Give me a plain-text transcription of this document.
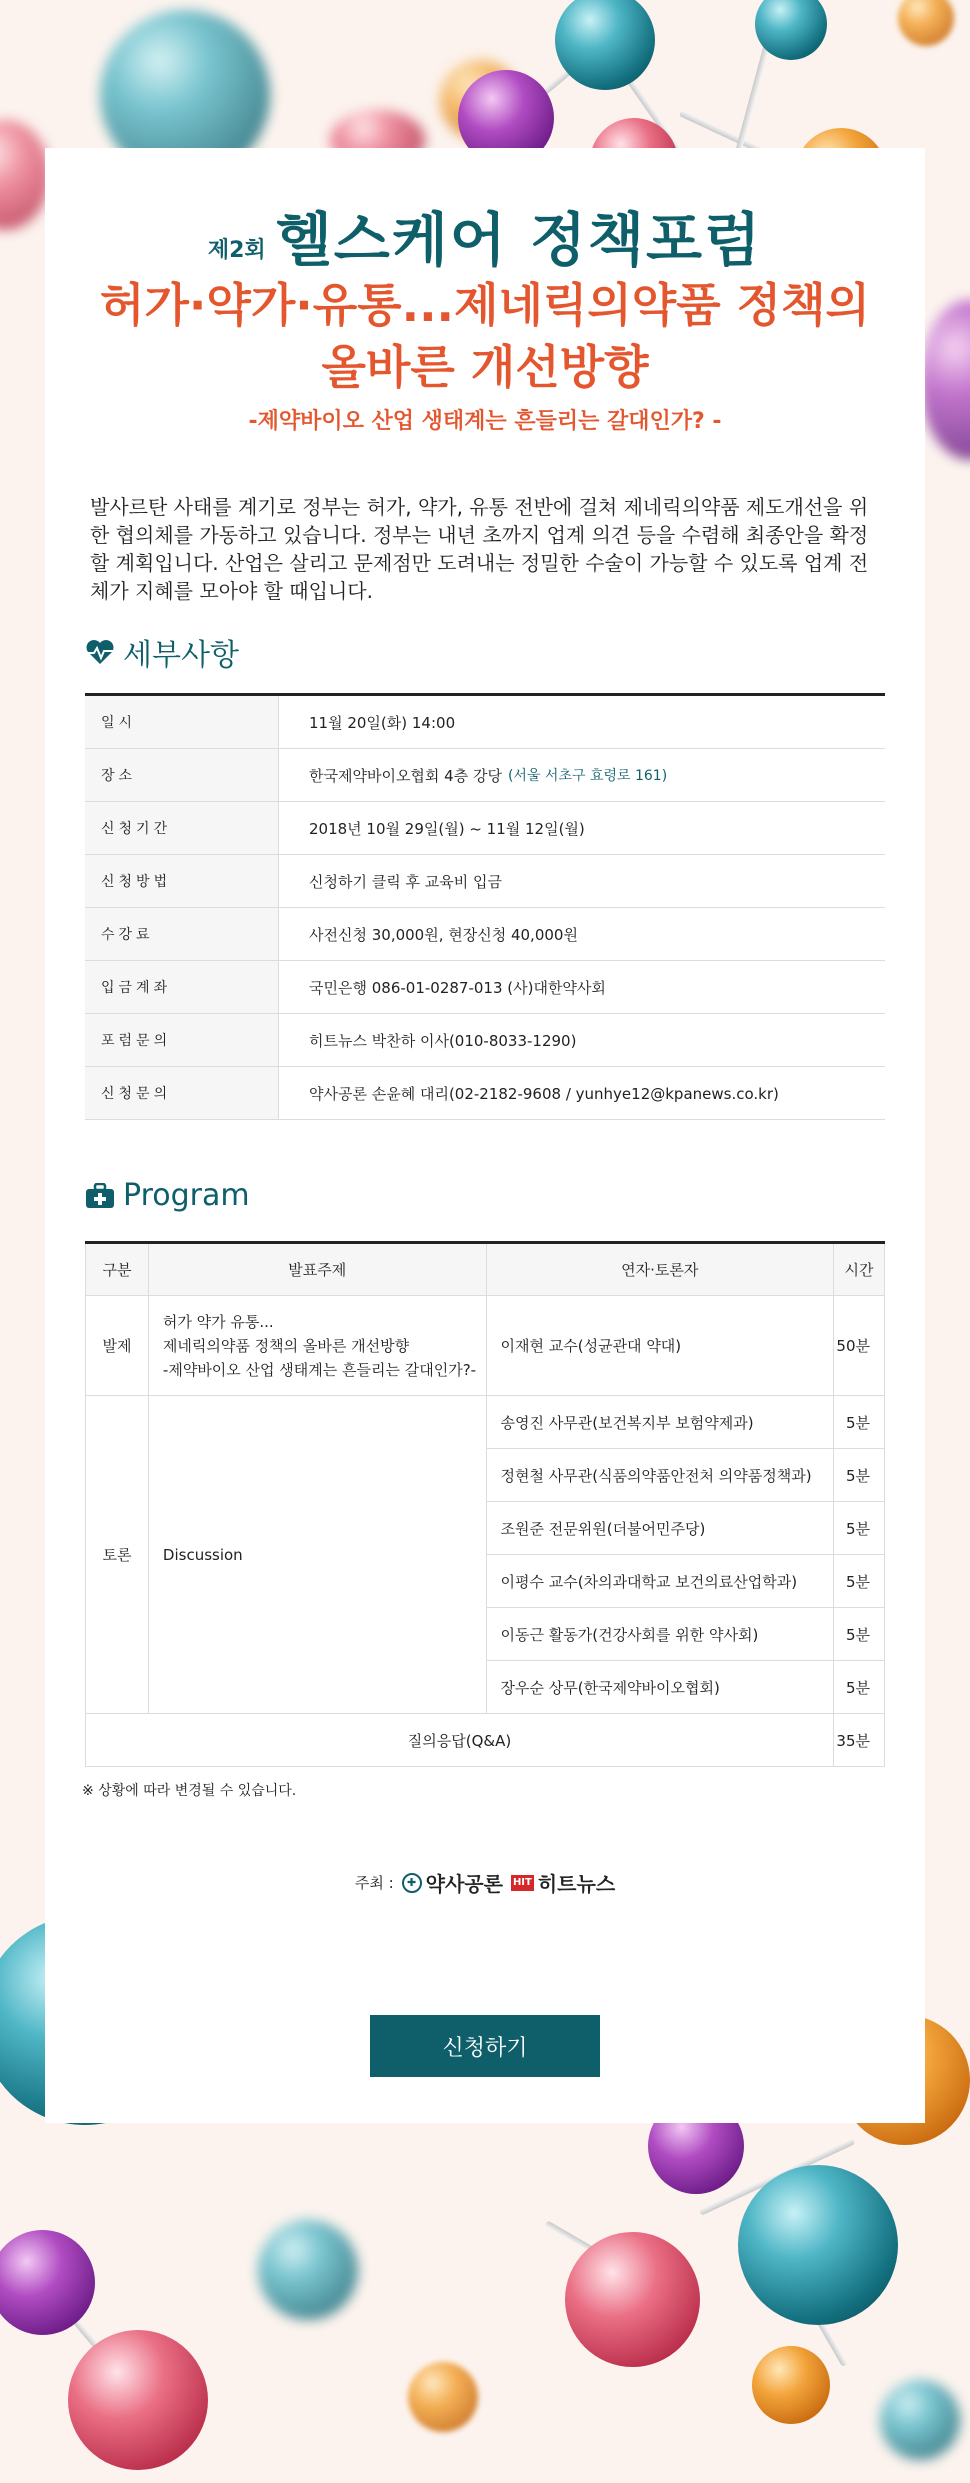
제2회 헬스케어 정책포럼
허가·약가·유통...제네릭의약품 정책의
올바른 개선방향
-제약바이오 산업 생태계는 흔들리는 갈대인가? -

발사르탄 사태를 계기로 정부는 허가, 약가, 유통 전반에 걸쳐 제네릭의약품 제도개선을 위한 협의체를 가동하고 있습니다. 정부는 내년 초까지 업계 의견 등을 수렴해 최종안을 확정할 계획입니다. 산업은 살리고 문제점만 도려내는 정밀한 수술이 가능할 수 있도록 업계 전체가 지혜를 모아야 할 때입니다.

세부사항
일시	11월 20일(화) 14:00
장소	한국제약바이오협회 4층 강당 (서울 서초구 효령로 161)
신청기간	2018년 10월 29일(월) ~ 11월 12일(월)
신청방법	신청하기 클릭 후 교육비 입금
수강료	사전신청 30,000원, 현장신청 40,000원
입금계좌	국민은행 086-01-0287-013 (사)대한약사회
포럼문의	히트뉴스 박찬하 이사(010-8033-1290)
신청문의	약사공론 손윤혜 대리(02-2182-9608 / yunhye12@kpanews.co.kr)
Program
구분	발표주제	연자·토론자	시간
발제	허가 약가 유통...
제네릭의약품 정책의 올바른 개선방향
-제약바이오 산업 생태계는 흔들리는 갈대인가?-	이재현 교수(성균관대 약대)	50분
토론	Discussion	송영진 사무관(보건복지부 보험약제과)	5분
		정현철 사무관(식품의약품안전처 의약품정책과)	5분
		조원준 전문위원(더불어민주당)	5분
		이평수 교수(차의과대학교 보건의료산업학과)	5분
		이동근 활동가(건강사회를 위한 약사회)	5분
		장우순 상무(한국제약바이오협회)	5분
질의응답(Q&A)			35분
※ 상황에 따라 변경될 수 있습니다.
주최 :	✚ 약사공론 HIT 히트뉴스
신청하기
